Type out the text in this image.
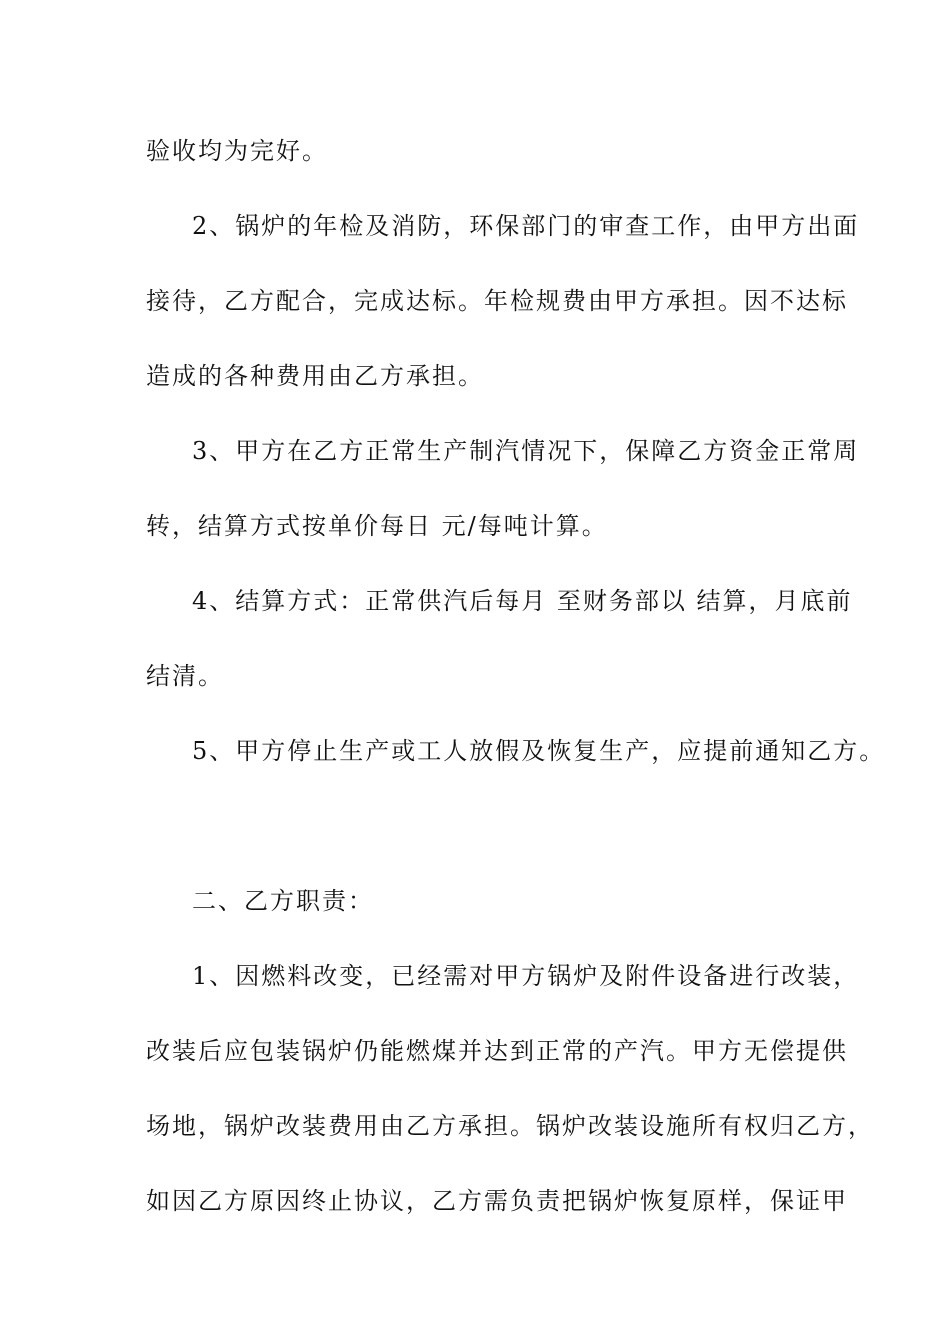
验收均为完好。
2、锅炉的年检及消防，环保部门的审查工作，由甲方出面
接待，乙方配合，完成达标。年检规费由甲方承担。因不达标
造成的各种费用由乙方承担。
3、甲方在乙方正常生产制汽情况下，保障乙方资金正常周
转，结算方式按单价每日 元/每吨计算。
4、结算方式：正常供汽后每月 至财务部以 结算，月底前
结清。
5、甲方停止生产或工人放假及恢复生产，应提前通知乙方。
二、乙方职责：
1、因燃料改变，已经需对甲方锅炉及附件设备进行改装，
改装后应包装锅炉仍能燃煤并达到正常的产汽。甲方无偿提供
场地，锅炉改装费用由乙方承担。锅炉改装设施所有权归乙方，
如因乙方原因终止协议，乙方需负责把锅炉恢复原样，保证甲
